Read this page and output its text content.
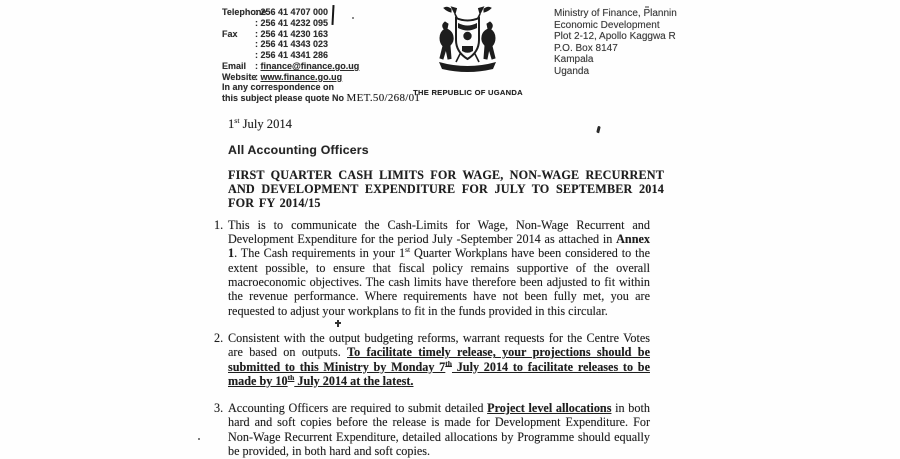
Telephone
: 256 41 4707 000
: 256 41 4232 095
Fax	: 256 41 4230 163
: 256 41 4343 023
: 256 41 4341 286
Email : finance@finance.go.ug
Website
: www.finance.go.ug
In any correspondence on
this subject please quote No MET.50/268/01
THE REPUBLIC OF UGANDA
Ministry of Finance, Plannin
Economic Development
Plot 2-12, Apollo Kaggwa R
P.O. Box 8147
Kampala
Uganda
1st July 2014
All Accounting Officers
FIRST QUARTER CASH LIMITS FOR WAGE, NON-WAGE RECURRENT AND DEVELOPMENT EXPENDITURE FOR JULY TO SEPTEMBER 2014 FOR FY 2014/15
1. This is to communicate the Cash-Limits for Wage, Non-Wage Recurrent and Development Expenditure for the period July -September 2014 as attached in Annex 1. The Cash requirements in your 1st Quarter Workplans have been considered to the extent possible, to ensure that fiscal policy remains supportive of the overall macroeconomic objectives. The cash limits have therefore been adjusted to fit within the revenue performance. Where requirements have not been fully met, you are requested to adjust your workplans to fit in the funds provided in this circular.
2. Consistent with the output budgeting reforms, warrant requests for the Centre Votes are based on outputs. To facilitate timely release, your projections should be submitted to this Ministry by Monday 7th July 2014 to facilitate releases to be made by 10th July 2014 at the latest.
3. Accounting Officers are required to submit detailed Project level allocations in both hard and soft copies before the release is made for Development Expenditure. For Non-Wage Recurrent Expenditure, detailed allocations by Programme should equally be provided, in both hard and soft copies.
